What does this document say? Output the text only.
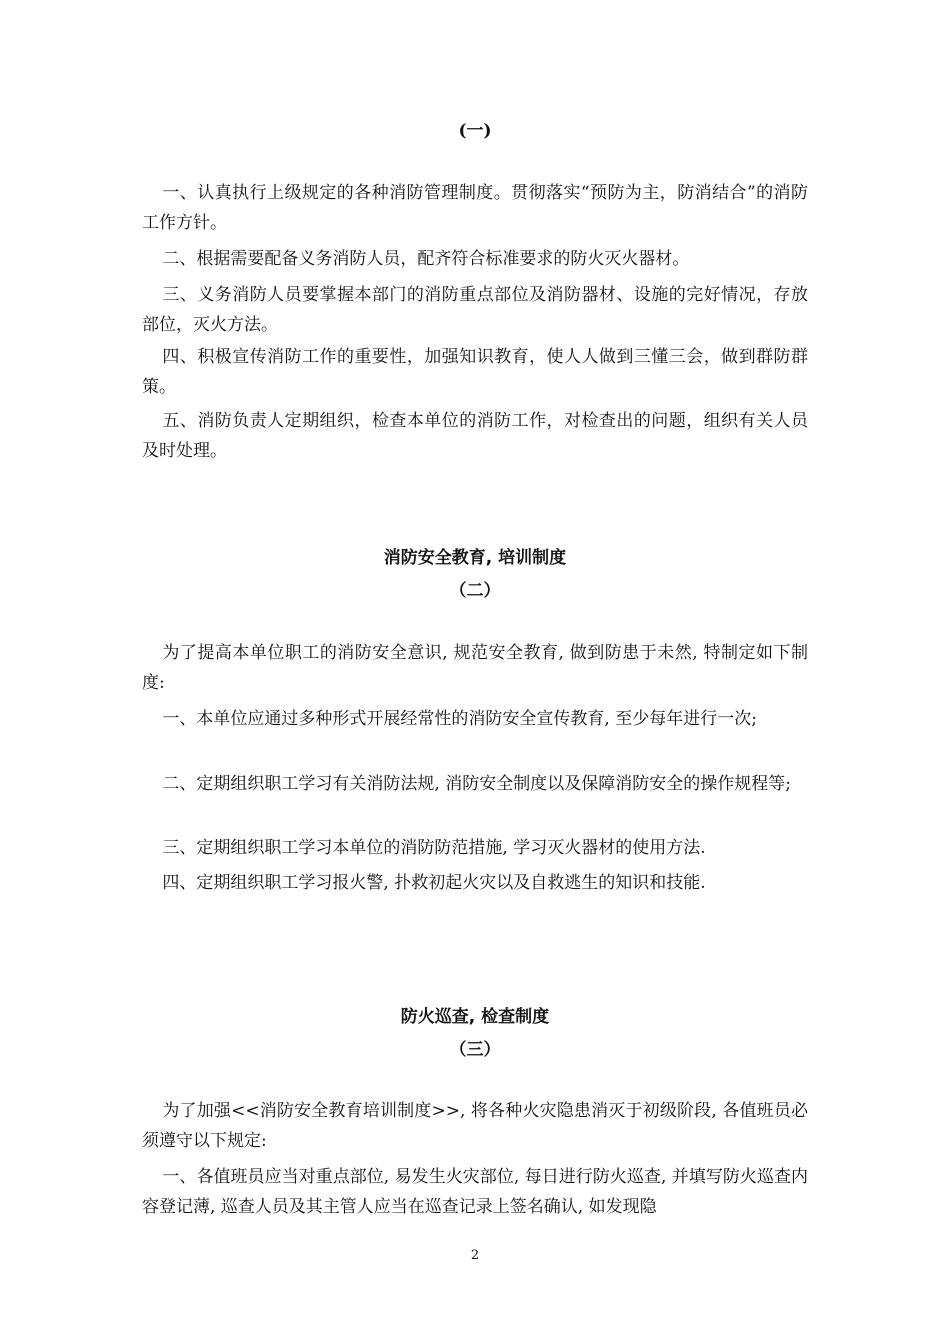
(一)

一、认真执行上级规定的各种消防管理制度。贯彻落实“预防为主，防消结合”的消防工作方针。

二、根据需要配备义务消防人员，配齐符合标准要求的防火灭火器材。

三、义务消防人员要掌握本部门的消防重点部位及消防器材、设施的完好情况，存放部位，灭火方法。

四、积极宣传消防工作的重要性，加强知识教育，使人人做到三懂三会，做到群防群策。

五、消防负责人定期组织，检查本单位的消防工作，对检查出的问题，组织有关人员及时处理。

消防安全教育, 培训制度
（二）

为了提高本单位职工的消防安全意识, 规范安全教育, 做到防患于未然, 特制定如下制度:

一、本单位应通过多种形式开展经常性的消防安全宣传教育, 至少每年进行一次;

二、定期组织职工学习有关消防法规, 消防安全制度以及保障消防安全的操作规程等;

三、定期组织职工学习本单位的消防防范措施, 学习灭火器材的使用方法.

四、定期组织职工学习报火警, 扑救初起火灾以及自救逃生的知识和技能.

防火巡查, 检查制度
（三）

为了加强<<消防安全教育培训制度>>, 将各种火灾隐患消灭于初级阶段, 各值班员必须遵守以下规定:

一、各值班员应当对重点部位, 易发生火灾部位, 每日进行防火巡查, 并填写防火巡查内容登记薄, 巡查人员及其主管人应当在巡查记录上签名确认, 如发现隐

2
